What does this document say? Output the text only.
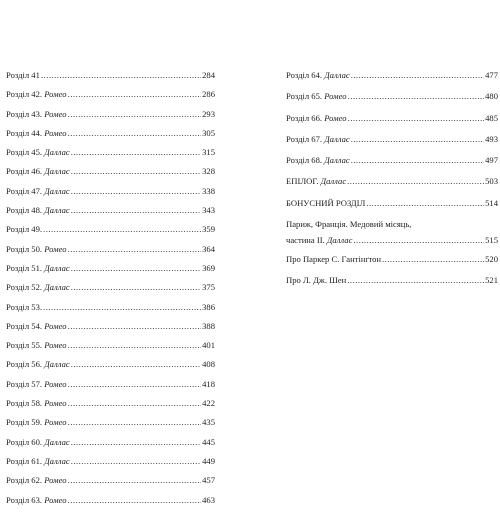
Розділ 41 .....	284
Розділ 42. Ромео .....	286
Розділ 43. Ромео .....	293
Розділ 44. Ромео .....	305
Розділ 45. Даллас .....	315
Розділ 46. Даллас .....	328
Розділ 47. Даллас .....	338
Розділ 48. Даллас .....	343
Розділ 49. .....	359
Розділ 50. Ромео .....	364
Розділ 51. Даллас .....	369
Розділ 52. Даллас .....	375
Розділ 53. .....	386
Розділ 54. Ромео .....	388
Розділ 55. Ромео .....	401
Розділ 56. Даллас .....	408
Розділ 57. Ромео .....	418
Розділ 58. Ромео .....	422
Розділ 59. Ромео .....	435
Розділ 60. Даллас .....	445
Розділ 61. Даллас .....	449
Розділ 62. Ромео .....	457
Розділ 63. Ромео .....	463
Розділ 64. Даллас .....	477
Розділ 65. Ромео .....	480
Розділ 66. Ромео .....	485
Розділ 67. Даллас .....	493
Розділ 68. Даллас .....	497
ЕПІЛОГ. Даллас .....	503
БОНУСНИЙ РОЗДІЛ .....	514
Париж, Франція. Медовий місяць,
частина ІІ. Даллас .....	515
Про Паркер С. Гантінґтон .....	520
Про Л. Дж. Шен .....	521
